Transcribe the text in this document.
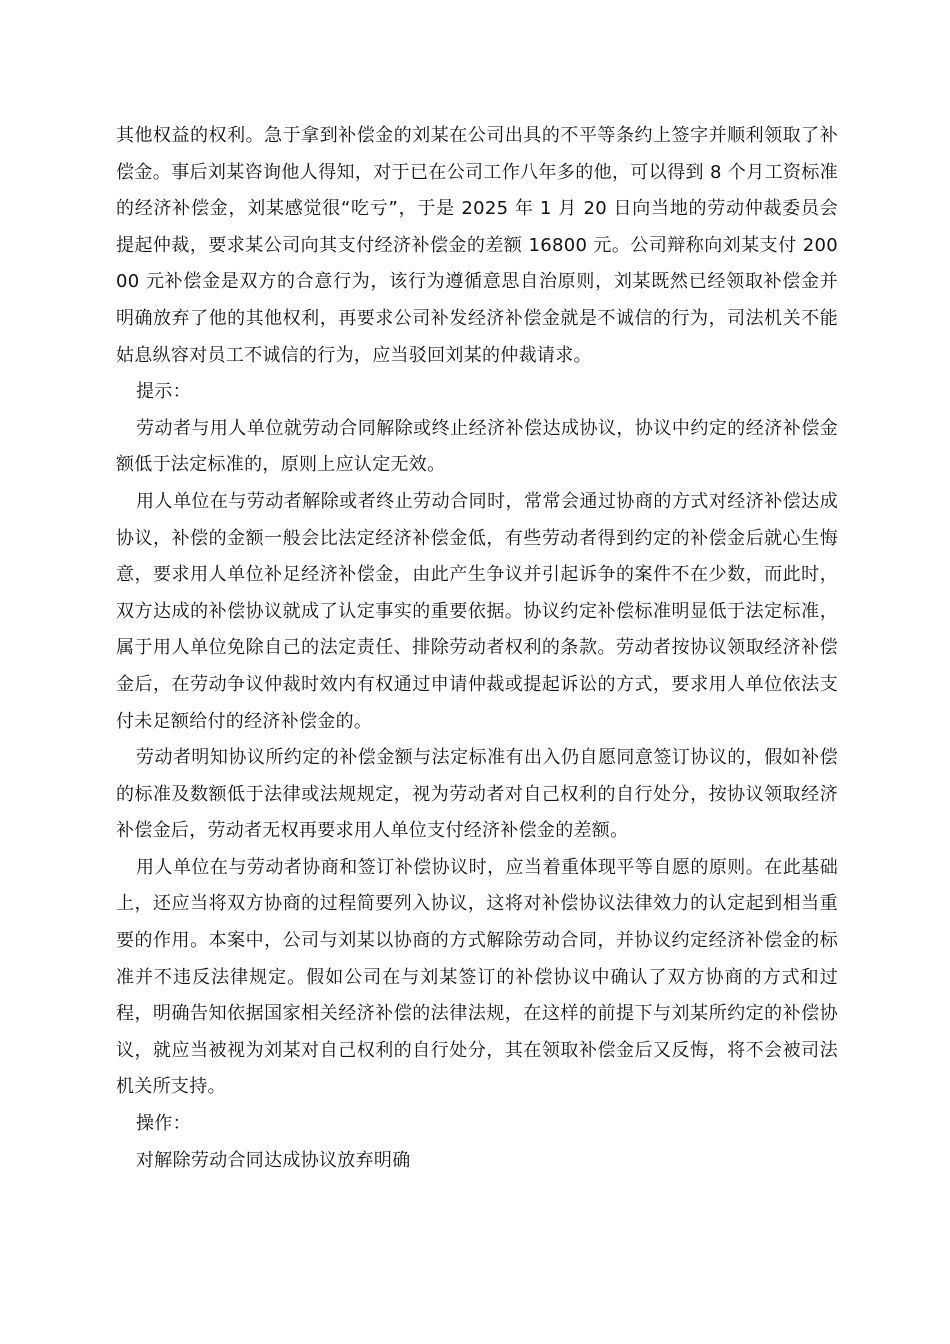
其他权益的权利。急于拿到补偿金的刘某在公司出具的不平等条约上签字并顺利领取了补偿金。事后刘某咨询他人得知，对于已在公司工作八年多的他，可以得到 8 个月工资标准的经济补偿金，刘某感觉很“吃亏”，于是 2025 年 1 月 20 日向当地的劳动仲裁委员会提起仲裁，要求某公司向其支付经济补偿金的差额 16800 元。公司辩称向刘某支付 20000 元补偿金是双方的合意行为，该行为遵循意思自治原则，刘某既然已经领取补偿金并明确放弃了他的其他权利，再要求公司补发经济补偿金就是不诚信的行为，司法机关不能姑息纵容对员工不诚信的行为，应当驳回刘某的仲裁请求。

提示：

劳动者与用人单位就劳动合同解除或终止经济补偿达成协议，协议中约定的经济补偿金额低于法定标准的，原则上应认定无效。

用人单位在与劳动者解除或者终止劳动合同时，常常会通过协商的方式对经济补偿达成协议，补偿的金额一般会比法定经济补偿金低，有些劳动者得到约定的补偿金后就心生悔意，要求用人单位补足经济补偿金，由此产生争议并引起诉争的案件不在少数，而此时，双方达成的补偿协议就成了认定事实的重要依据。协议约定补偿标准明显低于法定标准，属于用人单位免除自己的法定责任、排除劳动者权利的条款。劳动者按协议领取经济补偿金后，在劳动争议仲裁时效内有权通过申请仲裁或提起诉讼的方式，要求用人单位依法支付未足额给付的经济补偿金的。

劳动者明知协议所约定的补偿金额与法定标准有出入仍自愿同意签订协议的，假如补偿的标准及数额低于法律或法规规定，视为劳动者对自己权利的自行处分，按协议领取经济补偿金后，劳动者无权再要求用人单位支付经济补偿金的差额。

用人单位在与劳动者协商和签订补偿协议时，应当着重体现平等自愿的原则。在此基础上，还应当将双方协商的过程简要列入协议，这将对补偿协议法律效力的认定起到相当重要的作用。本案中，公司与刘某以协商的方式解除劳动合同，并协议约定经济补偿金的标准并不违反法律规定。假如公司在与刘某签订的补偿协议中确认了双方协商的方式和过程，明确告知依据国家相关经济补偿的法律法规，在这样的前提下与刘某所约定的补偿协议，就应当被视为刘某对自己权利的自行处分，其在领取补偿金后又反悔，将不会被司法机关所支持。

操作：

对解除劳动合同达成协议放弃明确
